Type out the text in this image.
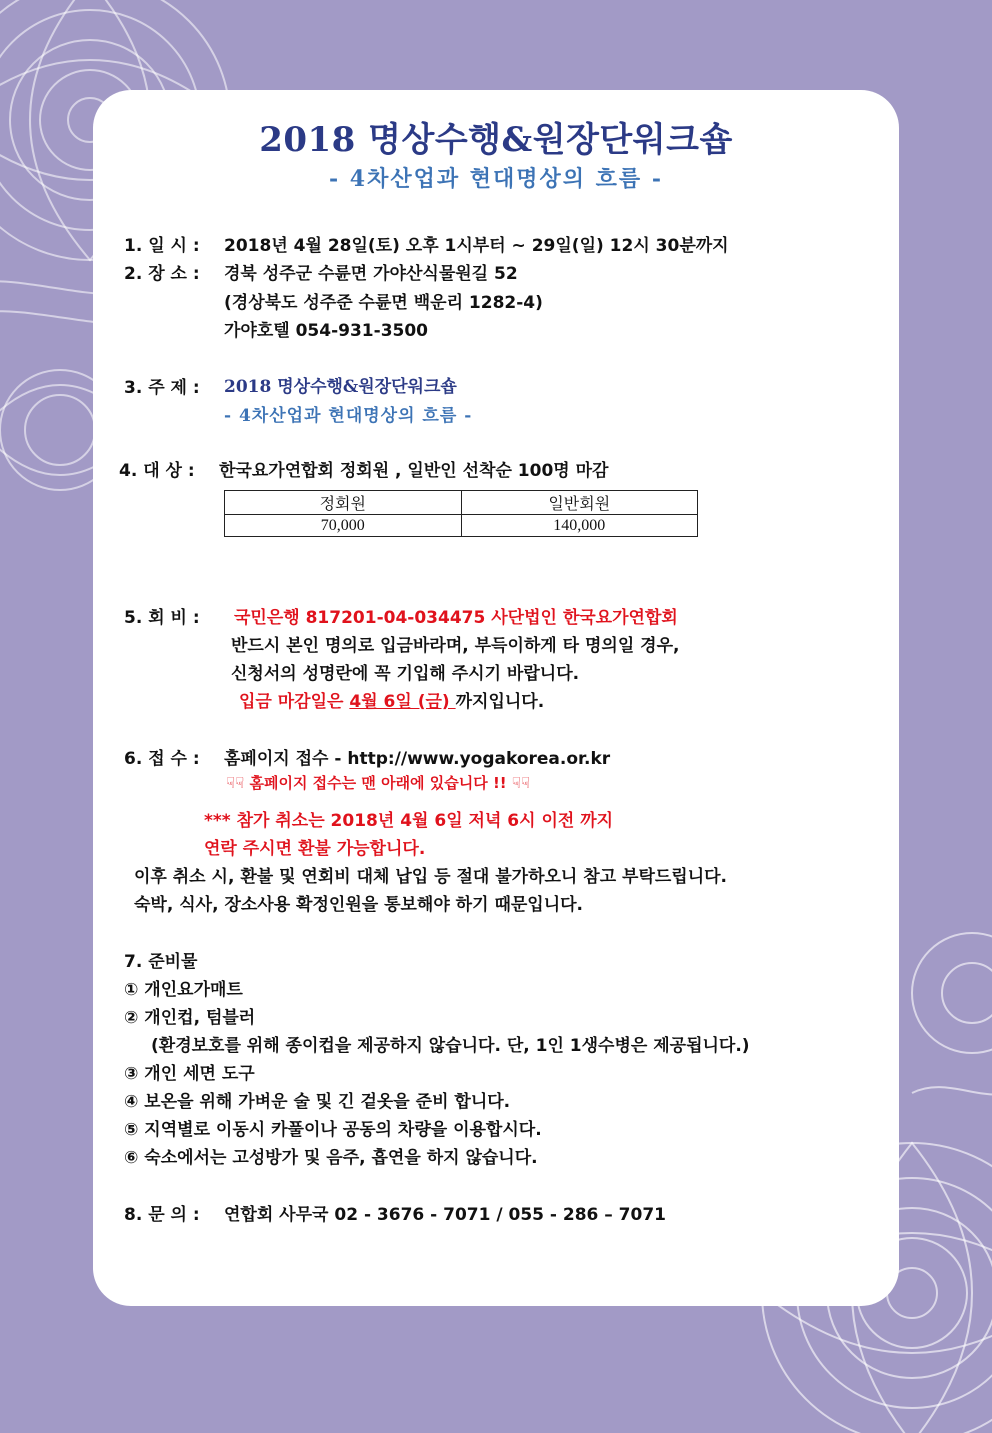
2018 명상수행&원장단워크숍
- 4차산업과 현대명상의 흐름 -
1. 일 시 : 2018년 4월 28일(토) 오후 1시부터 ~ 29일(일) 12시 30분까지
2. 장 소 : 경북 성주군 수륜면 가야산식물원길 52
(경상북도 성주준 수륜면 백운리 1282-4)
가야호텔 054-931-3500
3. 주 제 : 2018 명상수행&원장단워크숍
- 4차산업과 현대명상의 흐름 -
4. 대 상 : 한국요가연합회 정회원 , 일반인 선착순 100명 마감
정회원	일반회원
70,000	140,000
5. 회 비 : 국민은행 817201-04-034475 사단법인 한국요가연합회
반드시 본인 명의로 입금바라며, 부득이하게 타 명의일 경우,
신청서의 성명란에 꼭 기입해 주시기 바랍니다.
입금 마감일은 4월 6일 (금) 까지입니다.
6. 접 수 : 홈페이지 접수 - http://www.yogakorea.or.kr
☟☟ 홈페이지 접수는 맨 아래에 있습니다 !! ☟☟
*** 참가 취소는 2018년 4월 6일 저녁 6시 이전 까지
연락 주시면 환불 가능합니다.
이후 취소 시, 환불 및 연회비 대체 납입 등 절대 불가하오니 참고 부탁드립니다.
숙박, 식사, 장소사용 확정인원을 통보해야 하기 때문입니다.
7. 준비물
① 개인요가매트
② 개인컵, 텀블러
(환경보호를 위해 종이컵을 제공하지 않습니다. 단, 1인 1생수병은 제공됩니다.)
③ 개인 세면 도구
④ 보온을 위해 가벼운 술 및 긴 겉옷을 준비 합니다.
⑤ 지역별로 이동시 카풀이나 공동의 차량을 이용합시다.
⑥ 숙소에서는 고성방가 및 음주, 흡연을 하지 않습니다.
8. 문 의 : 연합회 사무국 02 - 3676 - 7071 / 055 - 286 – 7071
